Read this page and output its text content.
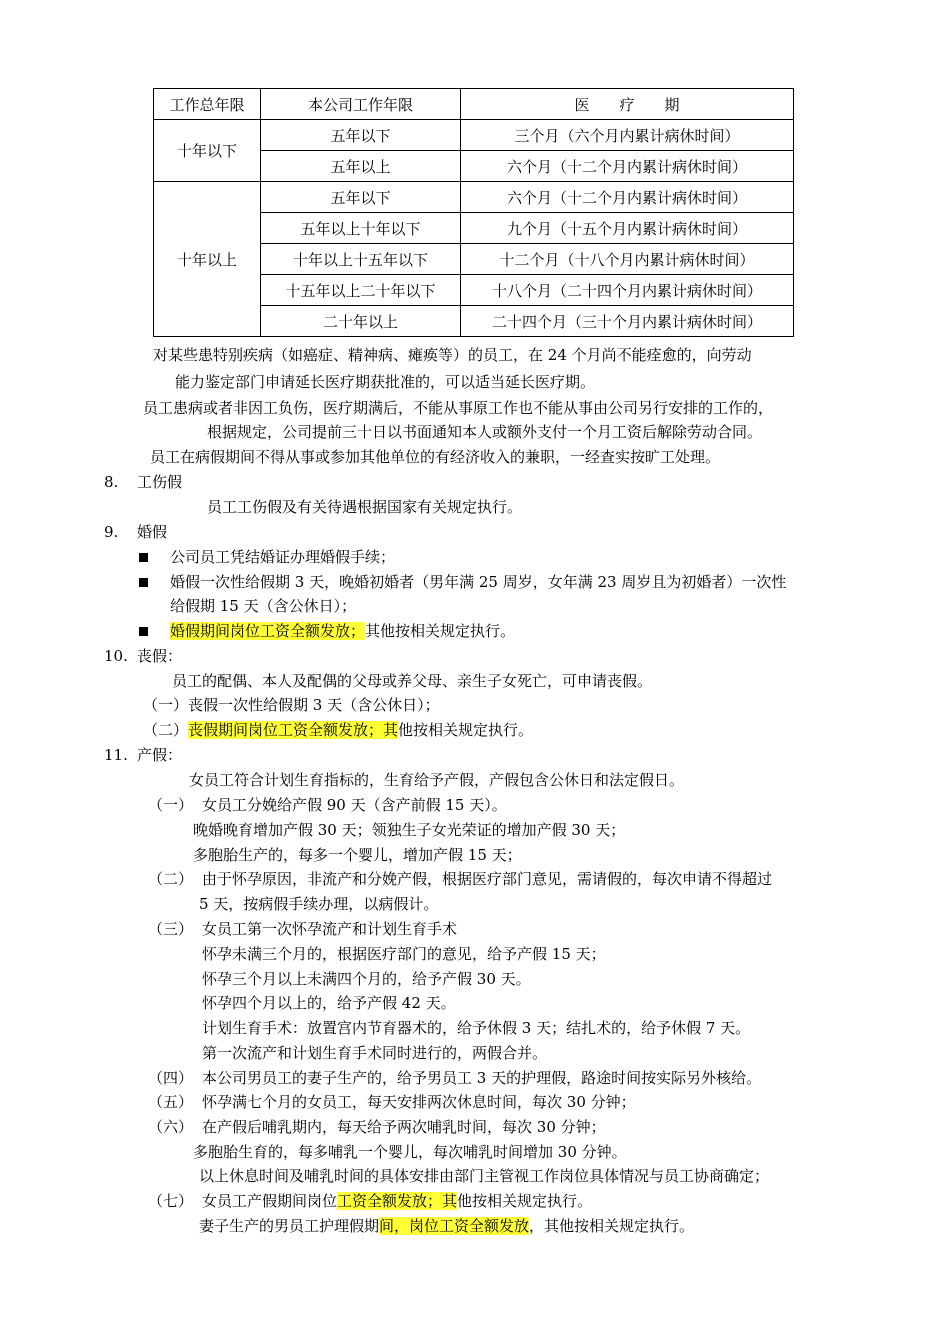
工作总年限	本公司工作年限	医　　疗　　期
十年以下	五年以下	三个月（六个月内累计病休时间）
	五年以上	六个月（十二个月内累计病休时间）
十年以上	五年以下	六个月（十二个月内累计病休时间）
	五年以上十年以下	九个月（十五个月内累计病休时间）
	十年以上十五年以下	十二个月（十八个月内累计病休时间）
	十五年以上二十年以下	十八个月（二十四个月内累计病休时间）
	二十年以上	二十四个月（三十个月内累计病休时间）
对某些患特别疾病（如癌症、精神病、瘫痪等）的员工，在 24 个月尚不能痊愈的，向劳动
能力鉴定部门申请延长医疗期获批准的，可以适当延长医疗期。
员工患病或者非因工负伤，医疗期满后，不能从事原工作也不能从事由公司另行安排的工作的，
根据规定，公司提前三十日以书面通知本人或额外支付一个月工资后解除劳动合同。
员工在病假期间不得从事或参加其他单位的有经济收入的兼职，一经查实按旷工处理。
8. 工伤假
员工工伤假及有关待遇根据国家有关规定执行。
9. 婚假
公司员工凭结婚证办理婚假手续；
婚假一次性给假期 3 天，晚婚初婚者（男年满 25 周岁，女年满 23 周岁且为初婚者）一次性
给假期 15 天（含公休日）；
婚假期间岗位工资全额发放；其他按相关规定执行。
10. 丧假：
员工的配偶、本人及配偶的父母或养父母、亲生子女死亡，可申请丧假。
（一）丧假一次性给假期 3 天（含公休日）；
（二）丧假期间岗位工资全额发放；其他按相关规定执行。
11. 产假：
女员工符合计划生育指标的，生育给予产假，产假包含公休日和法定假日。
（一） 女员工分娩给产假 90 天（含产前假 15 天）。
晚婚晚育增加产假 30 天；领独生子女光荣证的增加产假 30 天；
多胞胎生产的，每多一个婴儿，增加产假 15 天；
（二） 由于怀孕原因，非流产和分娩产假，根据医疗部门意见，需请假的，每次申请不得超过
5 天，按病假手续办理，以病假计。
（三） 女员工第一次怀孕流产和计划生育手术
怀孕未满三个月的，根据医疗部门的意见，给予产假 15 天；
怀孕三个月以上未满四个月的，给予产假 30 天。
怀孕四个月以上的，给予产假 42 天。
计划生育手术：放置宫内节育器术的，给予休假 3 天；结扎术的，给予休假 7 天。
第一次流产和计划生育手术同时进行的，两假合并。
（四） 本公司男员工的妻子生产的，给予男员工 3 天的护理假，路途时间按实际另外核给。
（五） 怀孕满七个月的女员工，每天安排两次休息时间，每次 30 分钟；
（六） 在产假后哺乳期内，每天给予两次哺乳时间，每次 30 分钟；
多胞胎生育的，每多哺乳一个婴儿，每次哺乳时间增加 30 分钟。
以上休息时间及哺乳时间的具体安排由部门主管视工作岗位具体情况与员工协商确定；
（七） 女员工产假期间岗位工资全额发放；其他按相关规定执行。
妻子生产的男员工护理假期间，岗位工资全额发放，其他按相关规定执行。
